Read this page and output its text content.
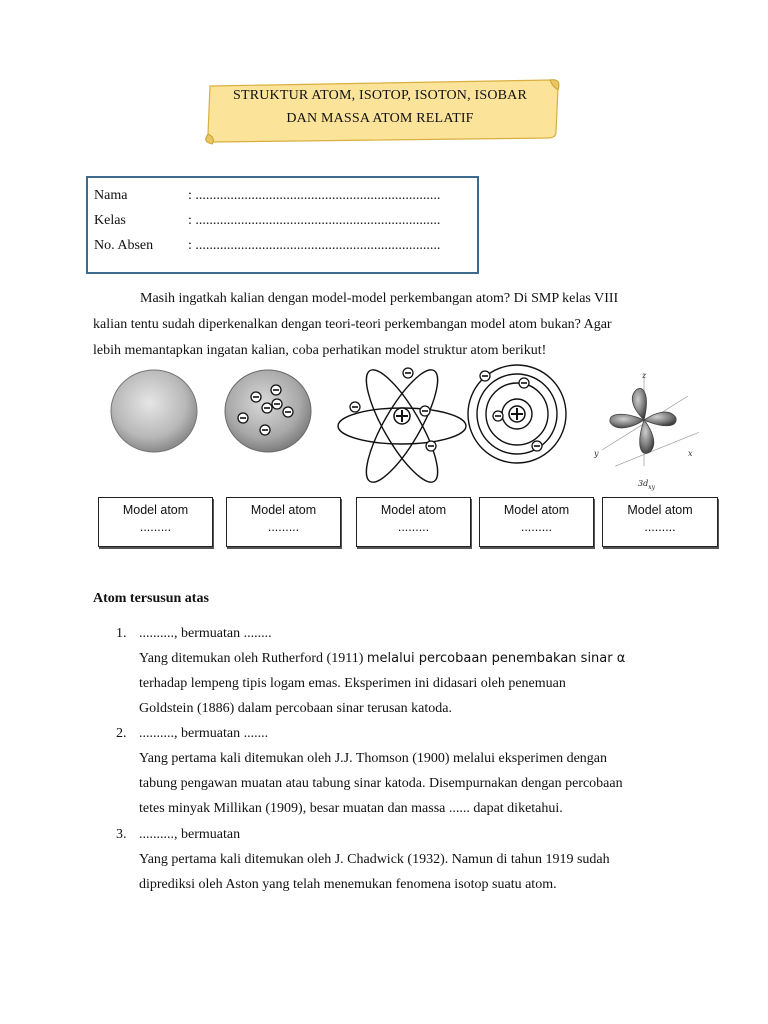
STRUKTUR ATOM, ISOTOP, ISOTON, ISOBAR
DAN MASSA ATOM RELATIF
Nama	: ......................................................................
Kelas	: ......................................................................
No. Absen	: ......................................................................
Masih ingatkah kalian dengan model-model perkembangan atom? Di SMP kelas VIII
kalian tentu sudah diperkenalkan dengan teori-teori perkembangan model atom bukan? Agar
lebih memantapkan ingatan kalian, coba perhatikan model struktur atom berikut!
z
x
y
$3d_{xy}$
Model atom
.........
Model atom
.........
Model atom
.........
Model atom
.........
Model atom
.........
Atom tersusun atas
1. .........., bermuatan ........
Yang ditemukan oleh Rutherford (1911) melalui percobaan penembakan sinar α
terhadap lempeng tipis logam emas. Eksperimen ini didasari oleh penemuan
Goldstein (1886) dalam percobaan sinar terusan katoda.
2. .........., bermuatan .......
Yang pertama kali ditemukan oleh J.J. Thomson (1900) melalui eksperimen dengan
tabung pengawan muatan atau tabung sinar katoda. Disempurnakan dengan percobaan
tetes minyak Millikan (1909), besar muatan dan massa ...... dapat diketahui.
3. .........., bermuatan
Yang pertama kali ditemukan oleh J. Chadwick (1932). Namun di tahun 1919 sudah
diprediksi oleh Aston yang telah menemukan fenomena isotop suatu atom.
